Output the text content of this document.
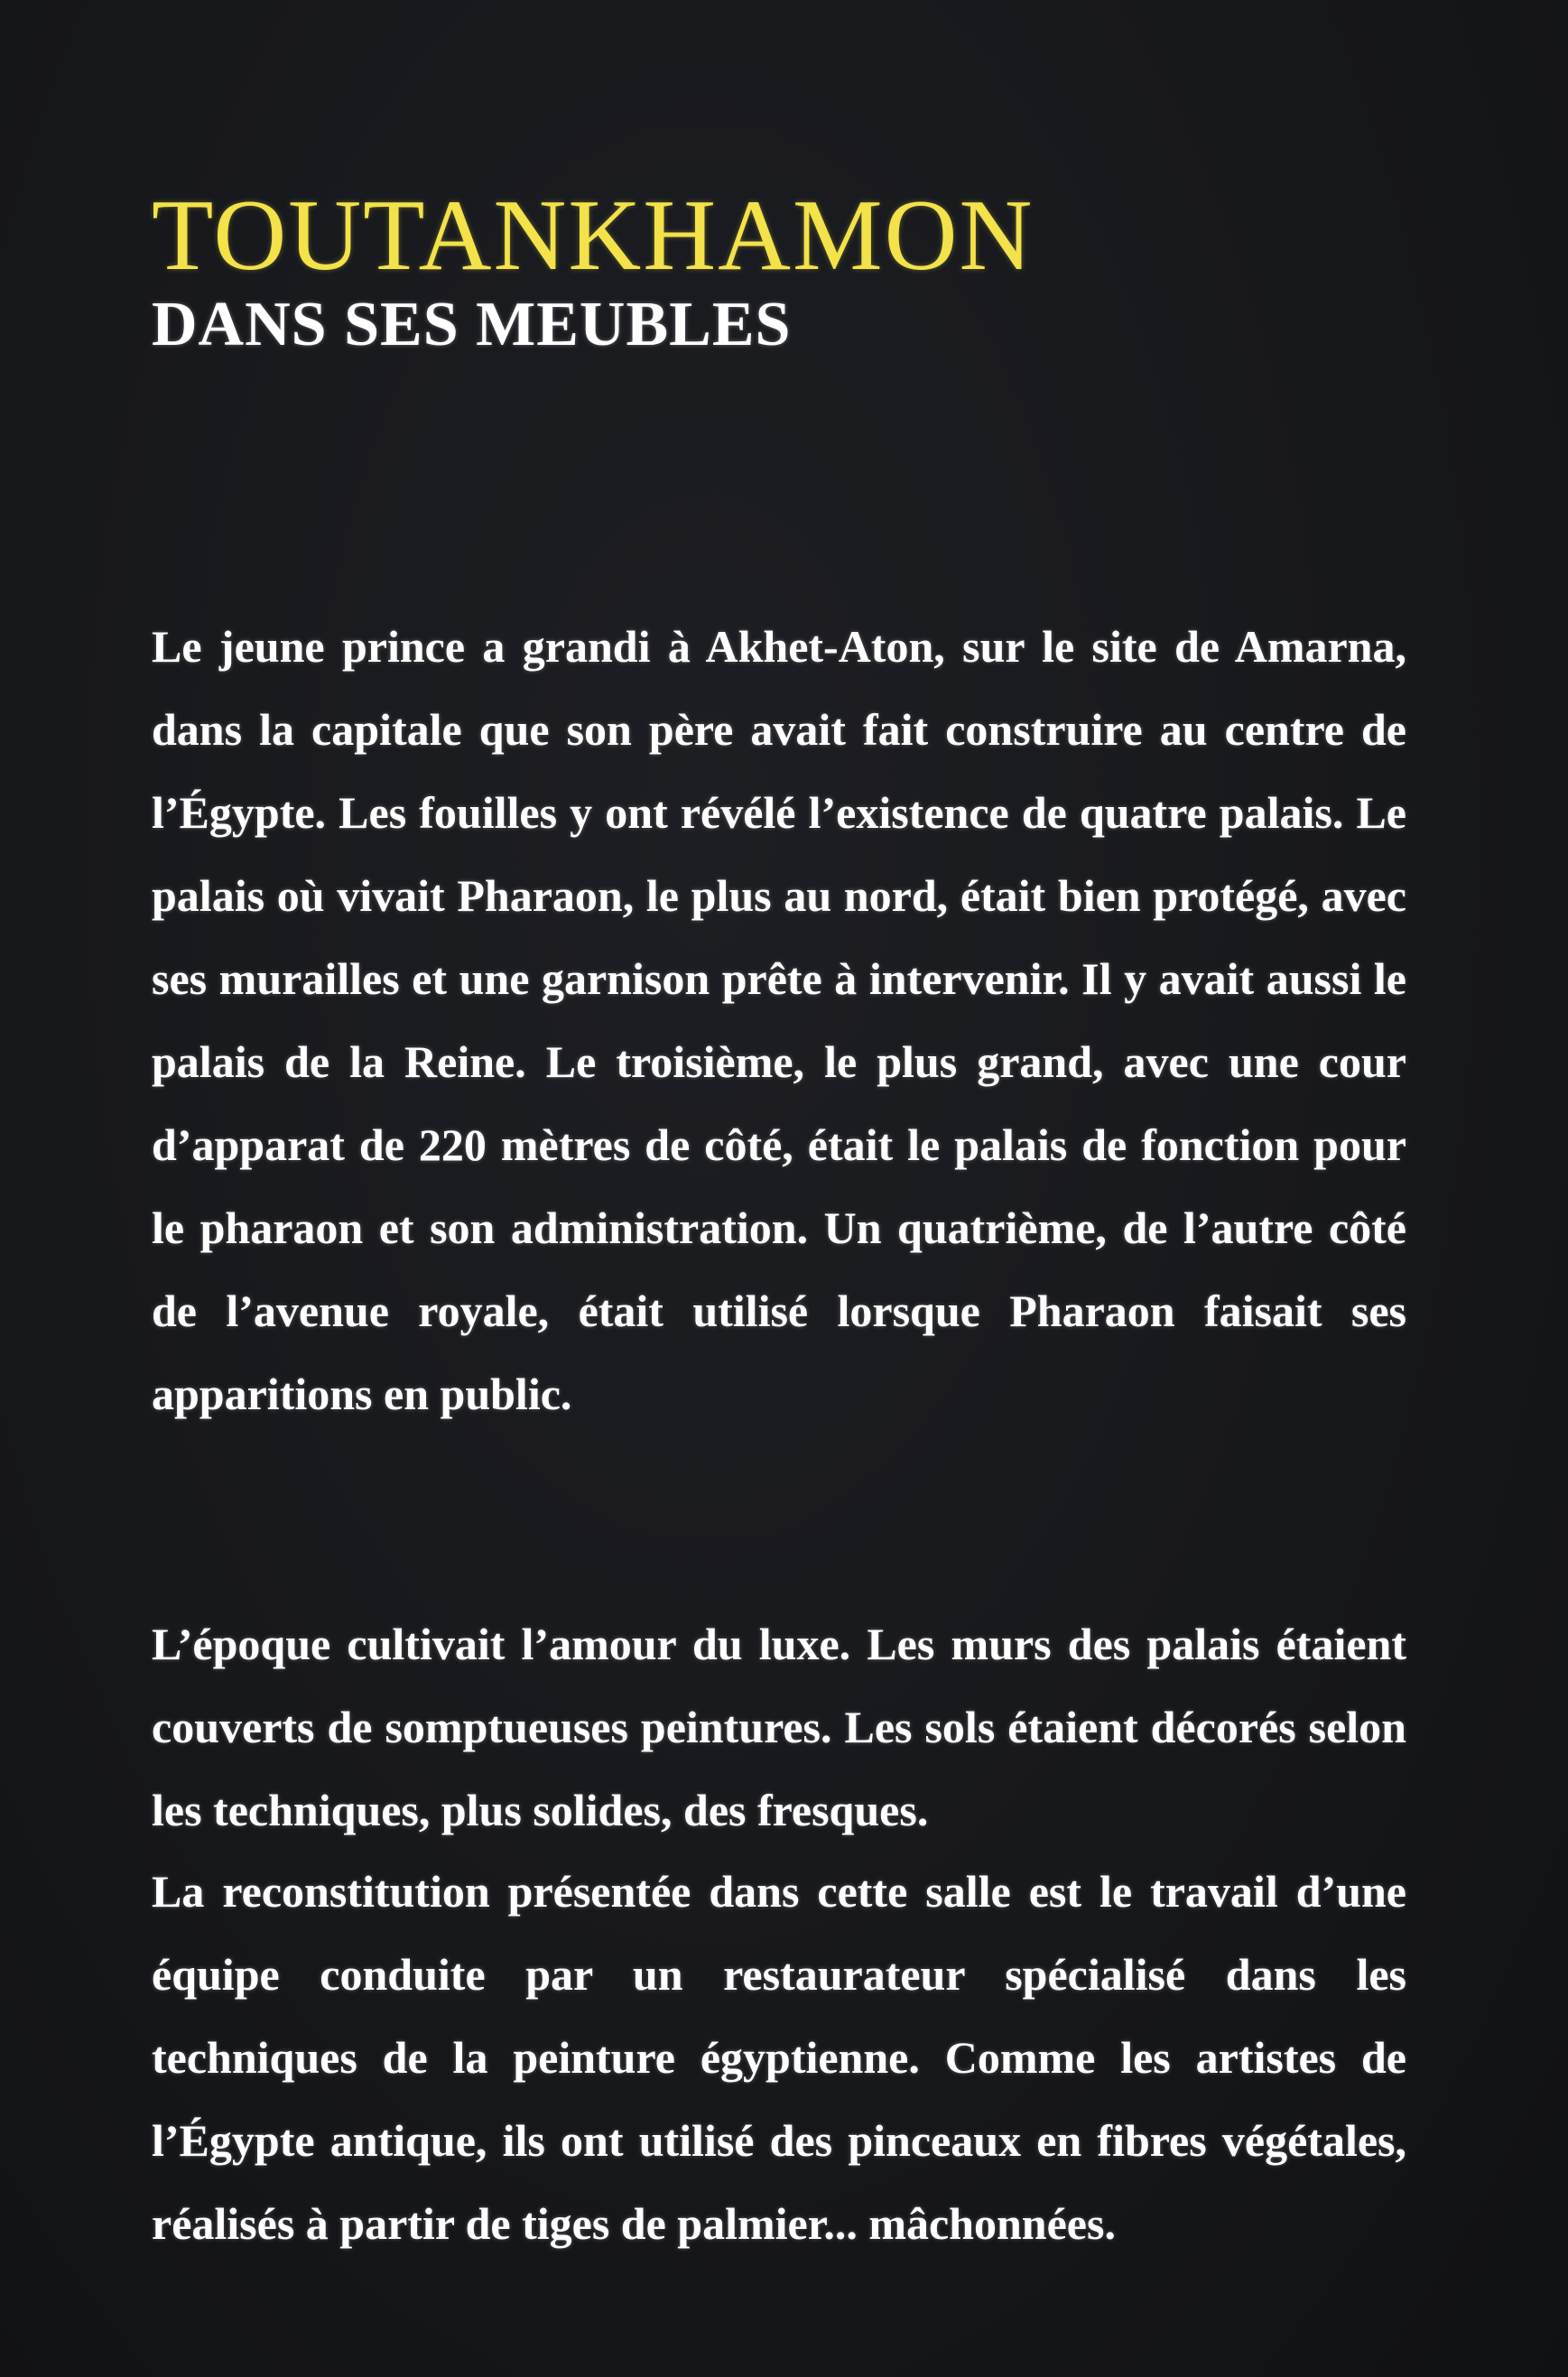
TOUTANKHAMON
DANS SES MEUBLES

Le jeune prince a grandi à Akhet-Aton, sur le site de Amarna, dans la capitale que son père avait fait construire au centre de l’Égypte. Les fouilles y ont révélé l’existence de quatre palais. Le palais où vivait Pharaon, le plus au nord, était bien protégé, avec ses murailles et une garnison prête à intervenir. Il y avait aussi le palais de la Reine. Le troisième, le plus grand, avec une cour d’apparat de 220 mètres de côté, était le palais de fonction pour le pharaon et son administration. Un quatrième, de l’autre côté de l’avenue royale, était utilisé lorsque Pharaon faisait ses apparitions en public.

L’époque cultivait l’amour du luxe. Les murs des palais étaient couverts de somptueuses peintures. Les sols étaient décorés selon les techniques, plus solides, des fresques.

La reconstitution présentée dans cette salle est le travail d’une équipe conduite par un restaurateur spécialisé dans les techniques de la peinture égyptienne. Comme les artistes de l’Égypte antique, ils ont utilisé des pinceaux en fibres végétales, réalisés à partir de tiges de palmier... mâchonnées.
